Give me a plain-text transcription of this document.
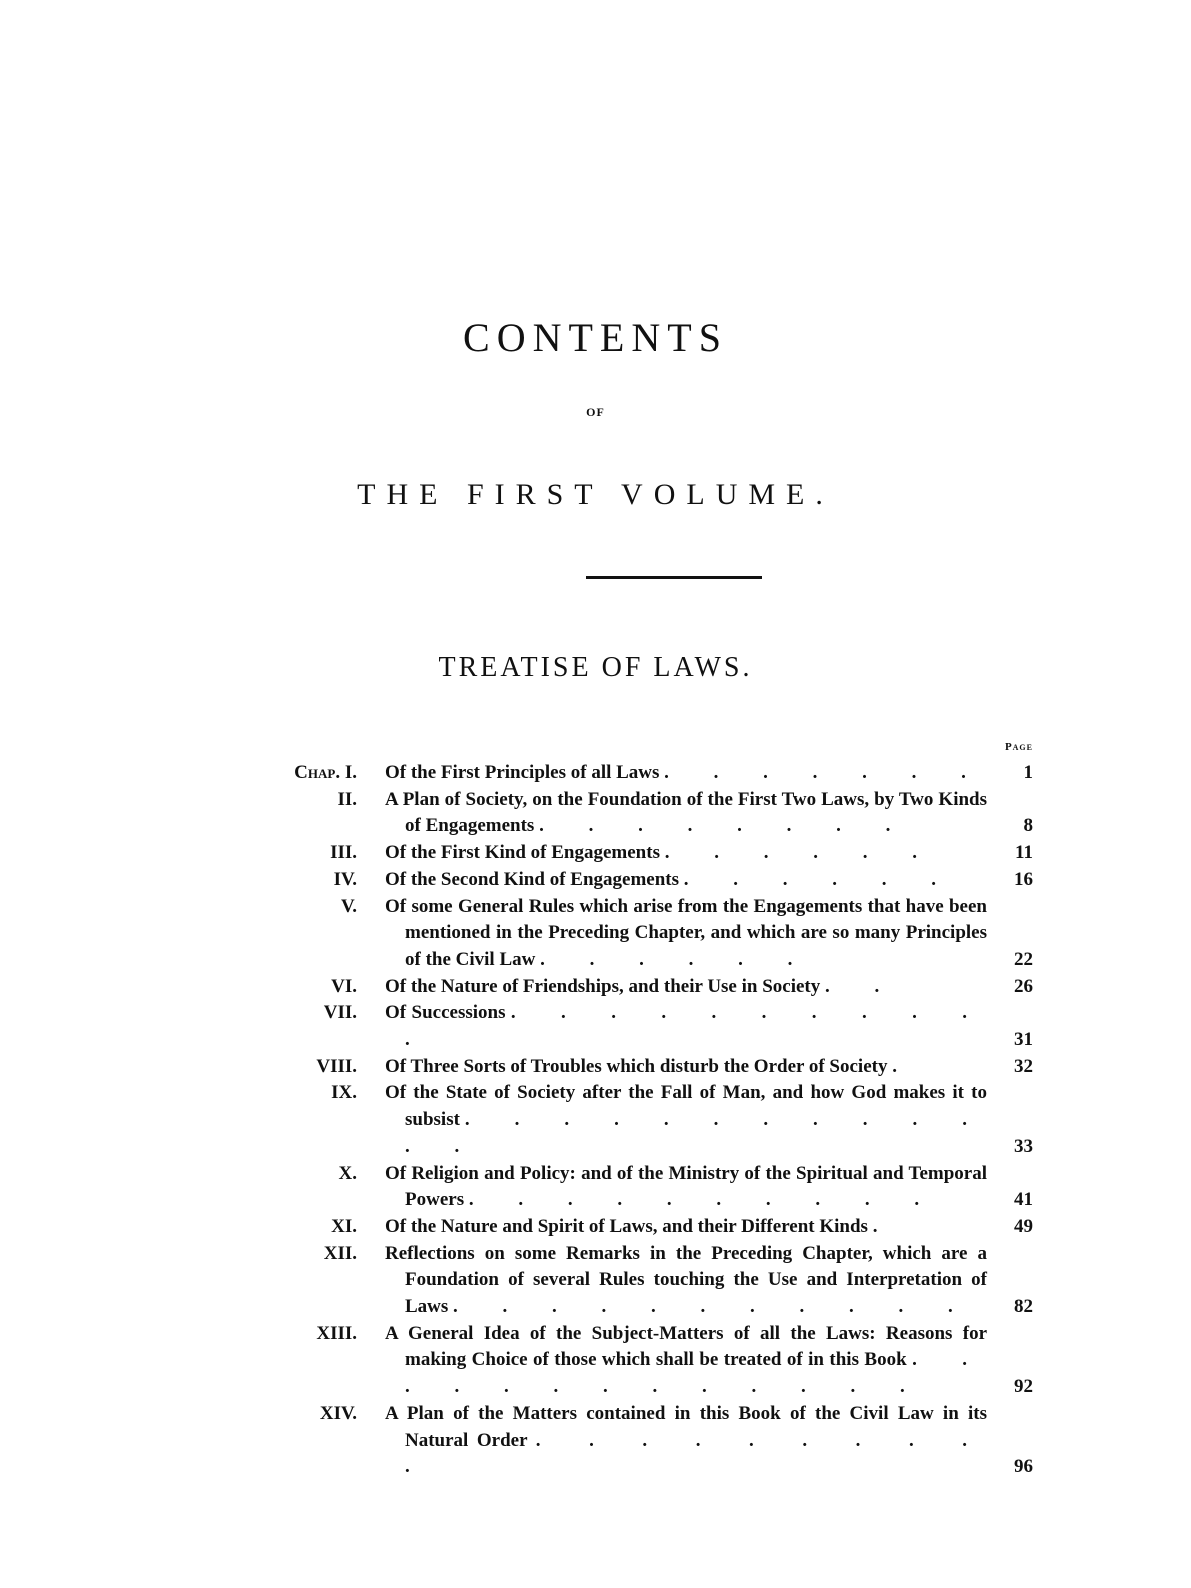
CONTENTS
OF
THE FIRST VOLUME.
TREATISE OF LAWS.
Page
Chap. I. Of the First Principles of all Laws . . . . . . .	1
II. A Plan of Society, on the Foundation of the First Two Laws, by Two Kinds of Engagements . . . . . . . .	8
III. Of the First Kind of Engagements . . . . . .	11
IV. Of the Second Kind of Engagements . . . . . .	16
V. Of some General Rules which arise from the Engagements that have been mentioned in the Preceding Chapter, and which are so many Principles of the Civil Law . . . . . .	22
VI. Of the Nature of Friendships, and their Use in Society . .	26
VII. Of Successions . . . . . . . . . . .	31
VIII. Of Three Sorts of Troubles which disturb the Order of Society .	32
IX. Of the State of Society after the Fall of Man, and how God makes it to subsist . . . . . . . . . . . . .	33
X. Of Religion and Policy: and of the Ministry of the Spiritual and Temporal Powers . . . . . . . . . .	41
XI. Of the Nature and Spirit of Laws, and their Different Kinds .	49
XII. Reflections on some Remarks in the Preceding Chapter, which are a Foundation of several Rules touching the Use and Interpretation of Laws . . . . . . . . . . .	82
XIII. A General Idea of the Subject-Matters of all the Laws: Reasons for making Choice of those which shall be treated of in this Book . . . . . . . . . . . . .	92
XIV. A Plan of the Matters contained in this Book of the Civil Law in its Natural Order . . . . . . . . . .	96
